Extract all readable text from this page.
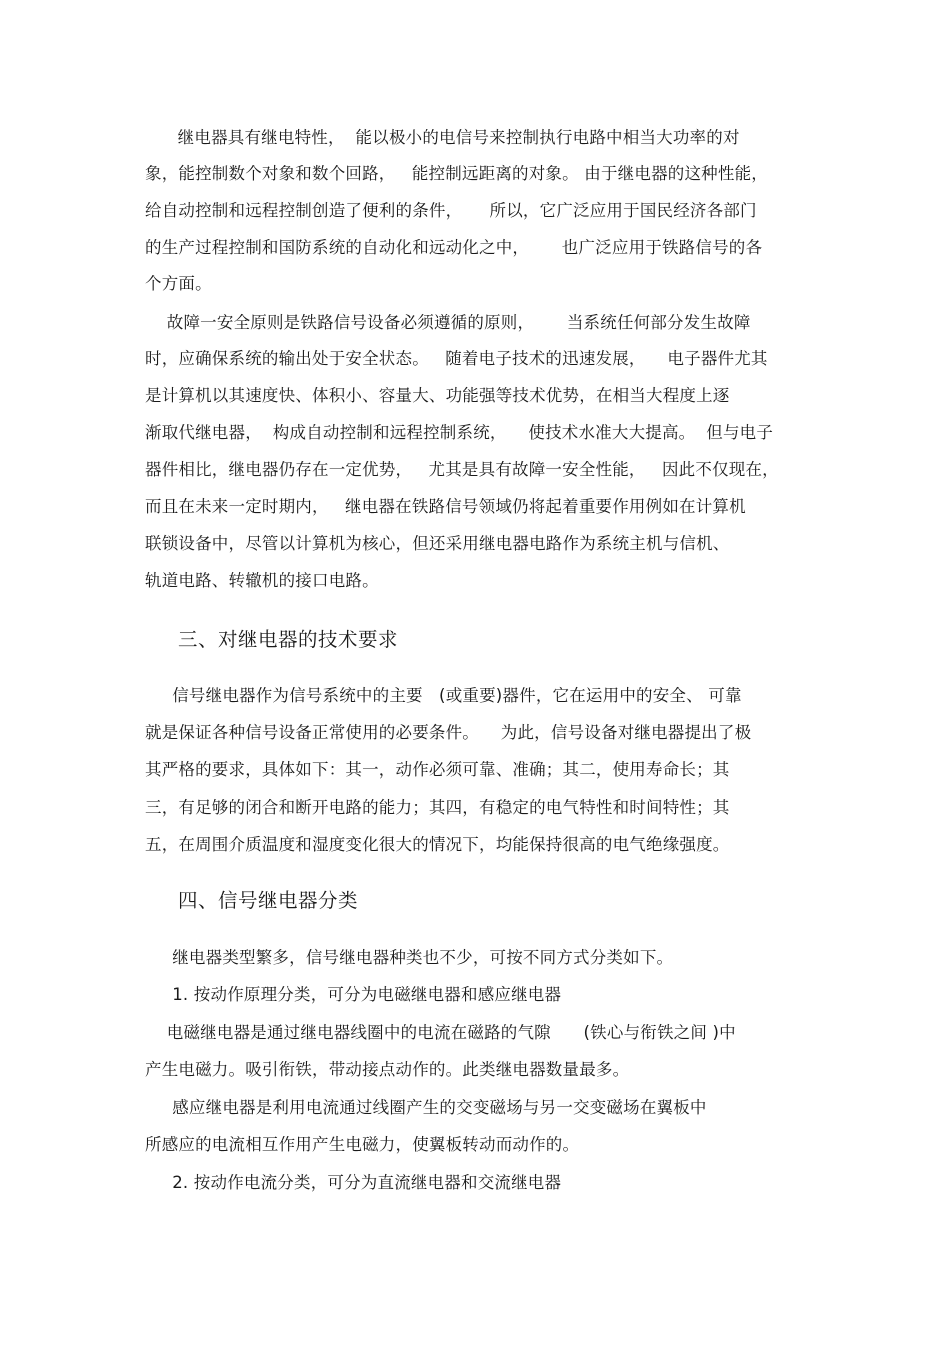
继电器具有继电特性，  能以极小的电信号来控制执行电路中相当大功率的对
象，能控制数个对象和数个回路，   能控制远距离的对象。 由于继电器的这种性能，
给自动控制和远程控制创造了便利的条件，     所以，它广泛应用于国民经济各部门
的生产过程控制和国防系统的自动化和远动化之中，      也广泛应用于铁路信号的各
个方面。
故障一安全原则是铁路信号设备必须遵循的原则，      当系统任何部分发生故障
时，应确保系统的输出处于安全状态。   随着电子技术的迅速发展，    电子器件尤其
是计算机以其速度快、体积小、容量大、功能强等技术优势，在相当大程度上逐
渐取代继电器，  构成自动控制和远程控制系统，    使技术水准大大提高。  但与电子
器件相比，继电器仍存在一定优势，   尤其是具有故障一安全性能，   因此不仅现在，
而且在未来一定时期内，   继电器在铁路信号领域仍将起着重要作用例如在计算机
联锁设备中，尽管以计算机为核心，但还采用继电器电路作为系统主机与信机、
轨道电路、转辙机的接口电路。
三、对继电器的技术要求
信号继电器作为信号系统中的主要   (或重要)器件，它在运用中的安全、 可靠
就是保证各种信号设备正常使用的必要条件。    为此，信号设备对继电器提出了极
其严格的要求，具体如下：其一，动作必须可靠、准确；其二，使用寿命长；其
三，有足够的闭合和断开电路的能力；其四，有稳定的电气特性和时间特性；其
五，在周围介质温度和湿度变化很大的情况下，均能保持很高的电气绝缘强度。
四、信号继电器分类
继电器类型繁多，信号继电器种类也不少，可按不同方式分类如下。
1. 按动作原理分类，可分为电磁继电器和感应继电器
电磁继电器是通过继电器线圈中的电流在磁路的气隙      (铁心与衔铁之间 )中
产生电磁力。吸引衔铁，带动接点动作的。此类继电器数量最多。
感应继电器是利用电流通过线圈产生的交变磁场与另一交变磁场在翼板中
所感应的电流相互作用产生电磁力，使翼板转动而动作的。
2. 按动作电流分类，可分为直流继电器和交流继电器
